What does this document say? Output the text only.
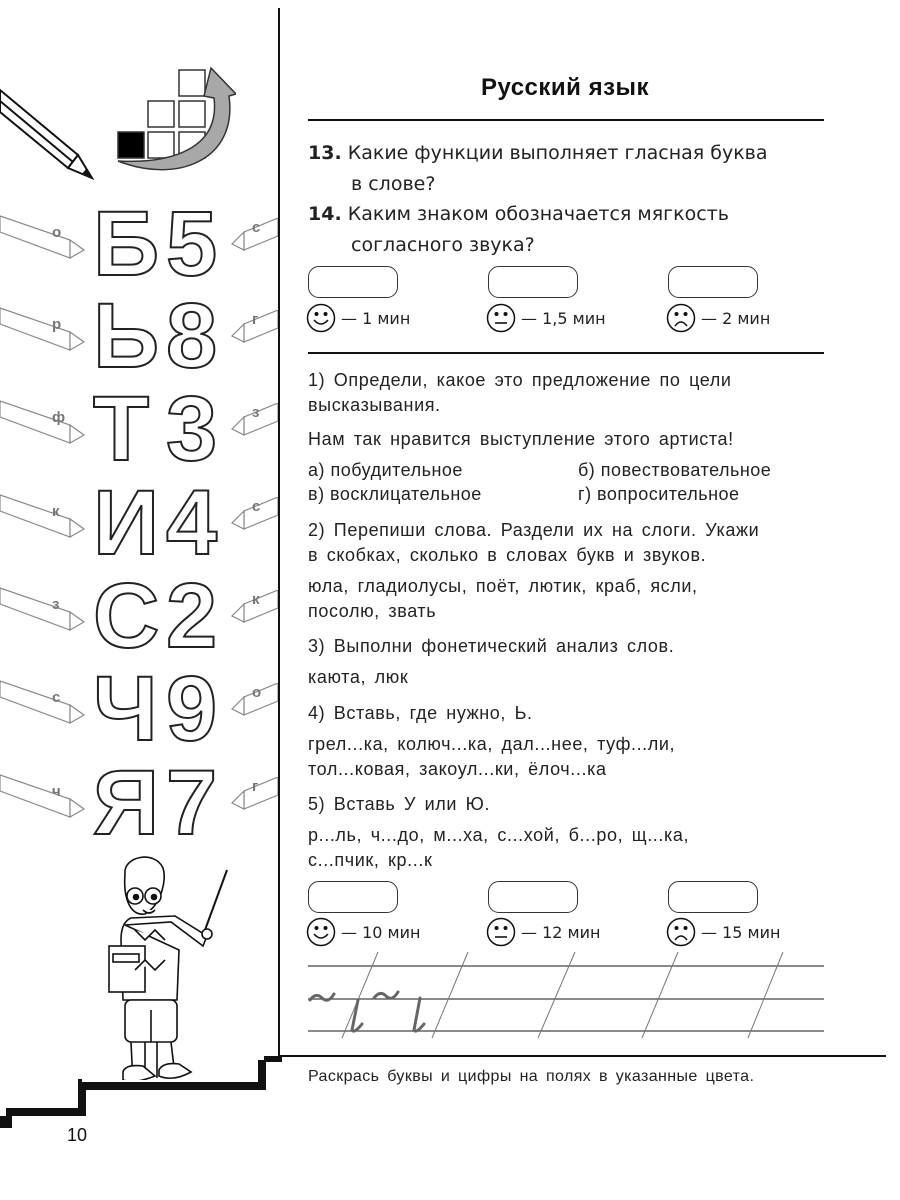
о Б 5 с
р Ь 8 г
ф Т 3 з
к И 4 с
з С 2 к
с Ч 9 о
ч Я 7 г
10
Русский язык
13. Какие функции выполняет гласная буква
в слове?
14. Каким знаком обозначается мягкость
согласного звука?
— 1 мин	— 1,5 мин	— 2 мин
1) Определи, какое это предложение по цели
высказывания.
Нам так нравится выступление этого артиста!
а) побудительное	б) повествовательное
в) восклицательное	г) вопросительное
2) Перепиши слова. Раздели их на слоги. Укажи
в скобках, сколько в словах букв и звуков.
юла, гладиолусы, поёт, лютик, краб, ясли,
посолю, звать
3) Выполни фонетический анализ слов.
каюта, люк
4) Вставь, где нужно, Ь.
грел...ка, колюч...ка, дал...нее, туф...ли,
тол...ковая, закоул...ки, ёлоч...ка
5) Вставь У или Ю.
р...ль, ч...до, м...ха, с...хой, б...ро, щ...ка,
с...пчик, кр...к
— 10 мин	— 12 мин	— 15 мин
Раскрась буквы и цифры на полях в указанные цвета.
